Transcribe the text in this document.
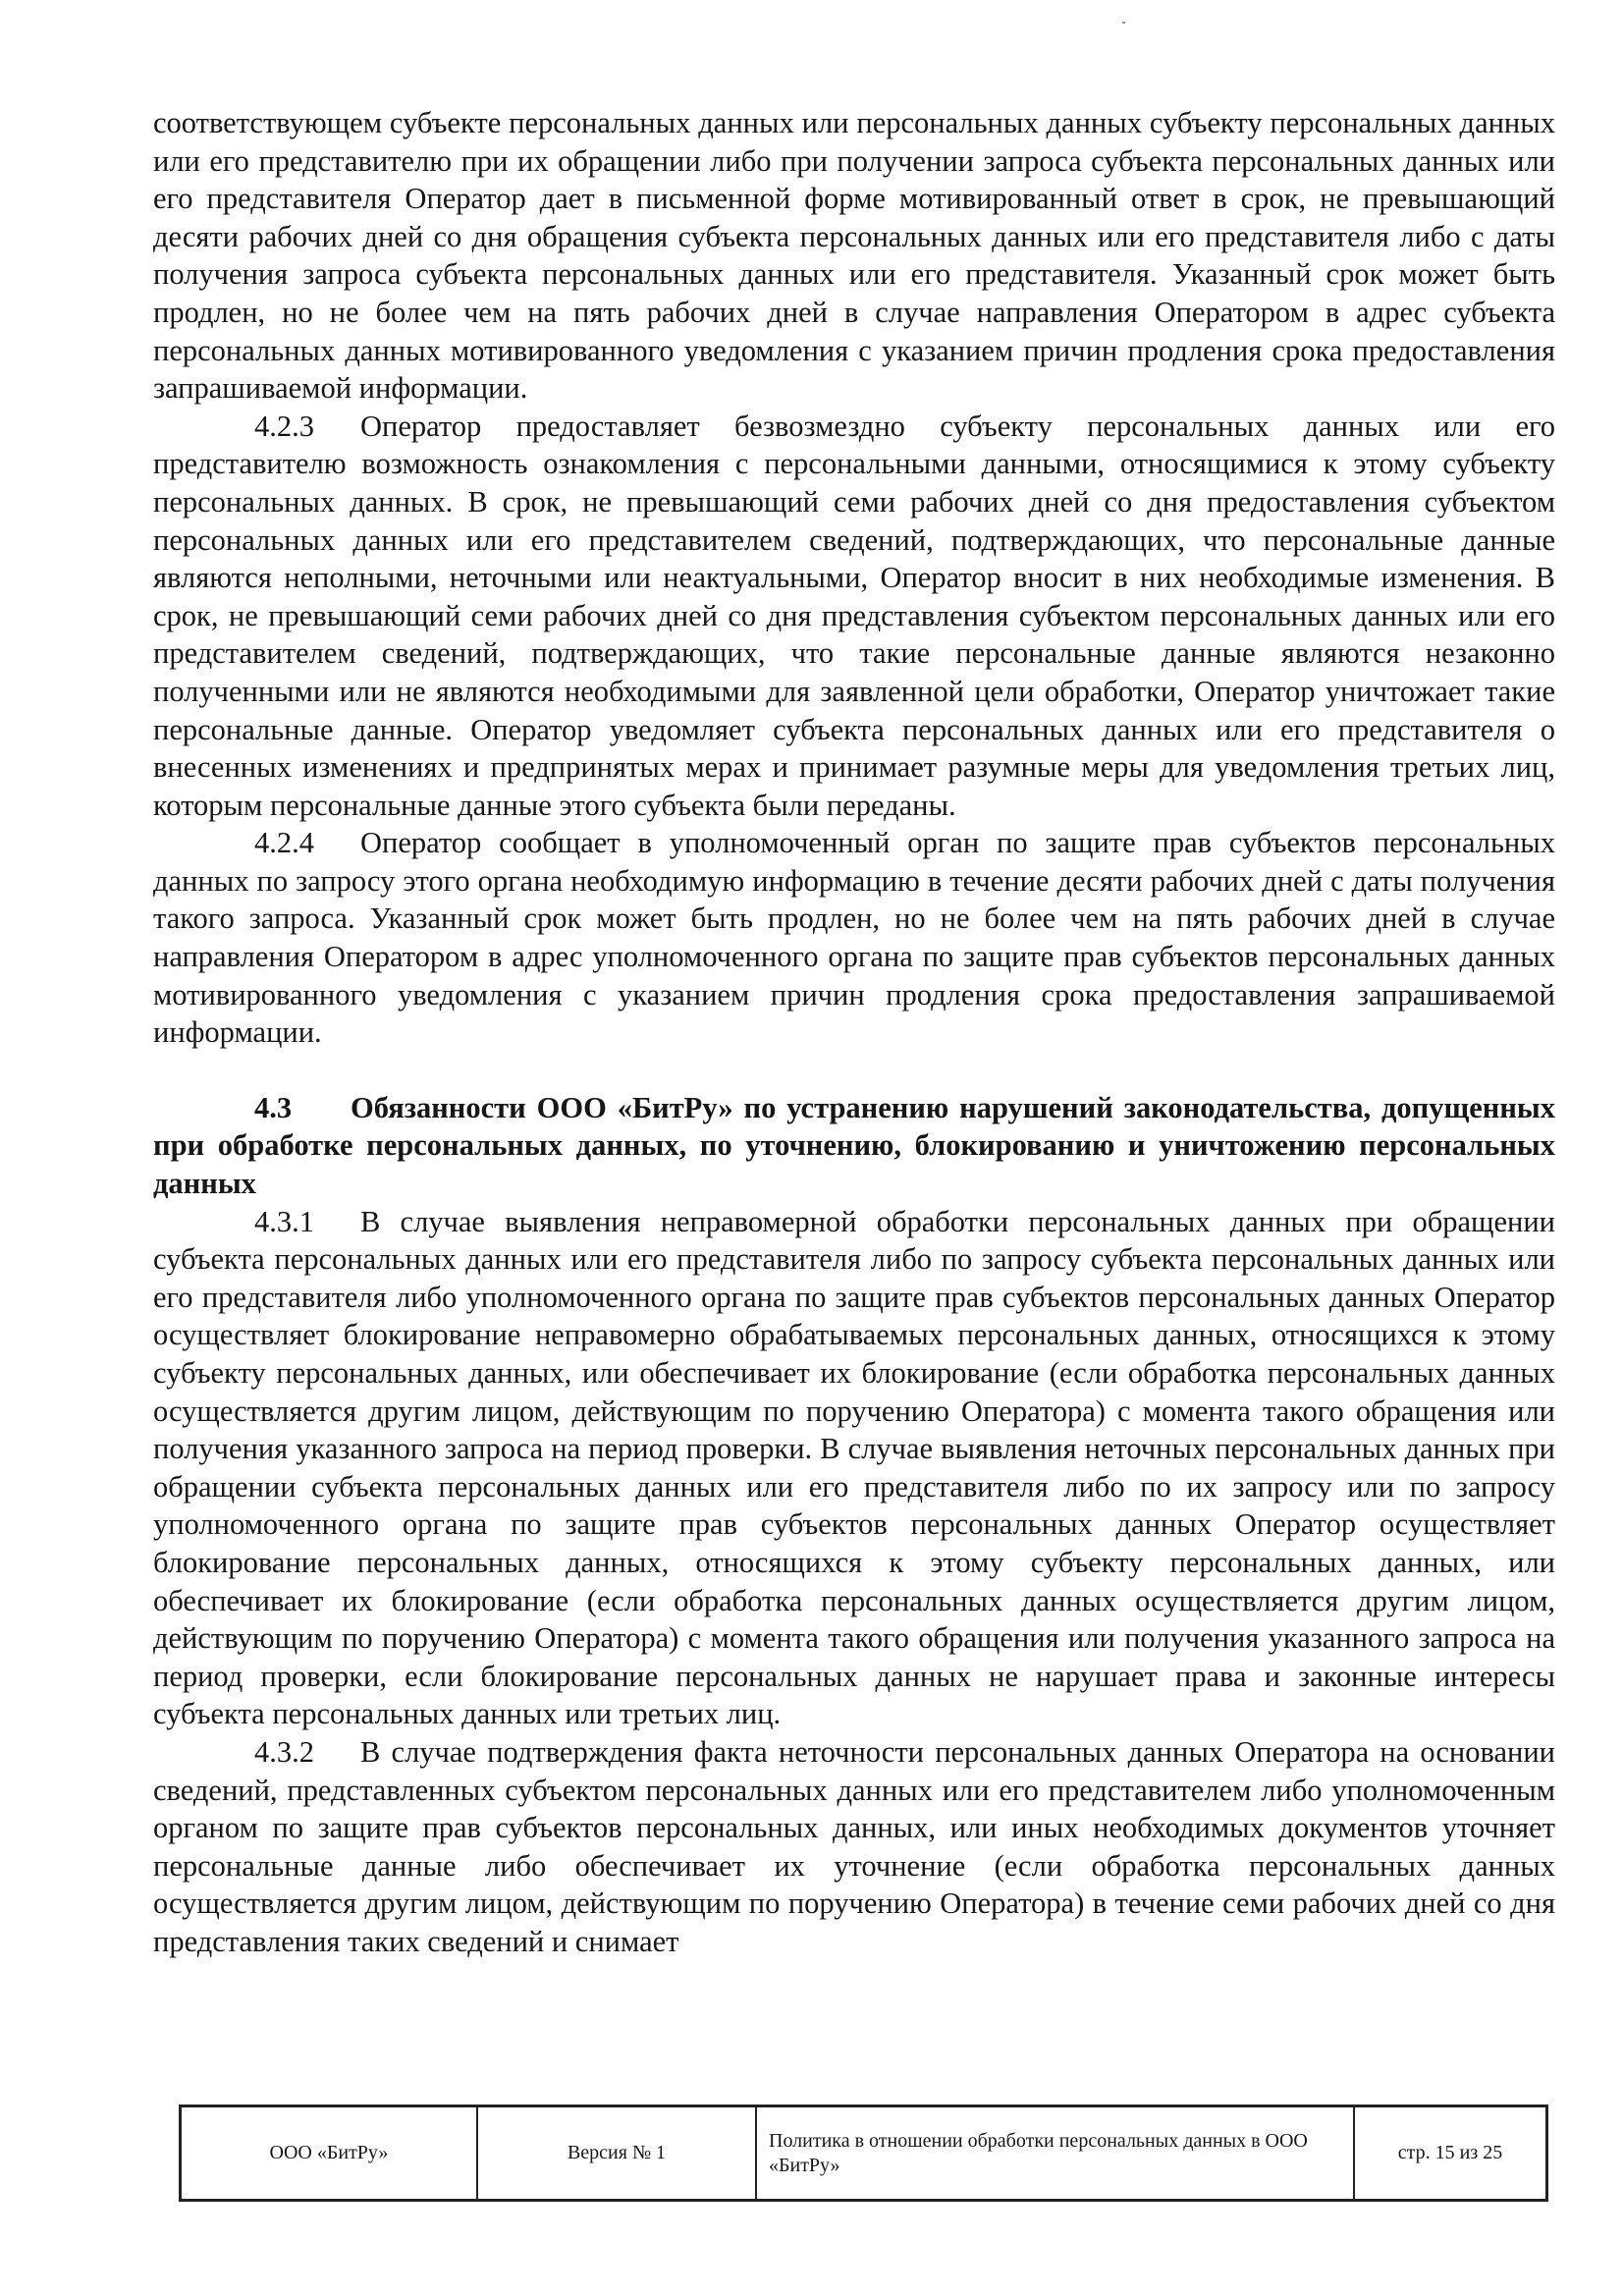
соответствующем субъекте персональных данных или персональных данных субъекту персональных данных или его представителю при их обращении либо при получении запроса субъекта персональных данных или его представителя Оператор дает в письменной форме мотивированный ответ в срок, не превышающий десяти рабочих дней со дня обращения субъекта персональных данных или его представителя либо с даты получения запроса субъекта персональных данных или его представителя. Указанный срок может быть продлен, но не более чем на пять рабочих дней в случае направления Оператором в адрес субъекта персональных данных мотивированного уведомления с указанием причин продления срока предоставления запрашиваемой информации.

4.2.3 Оператор предоставляет безвозмездно субъекту персональных данных или его представителю возможность ознакомления с персональными данными, относящимися к этому субъекту персональных данных. В срок, не превышающий семи рабочих дней со дня предоставления субъектом персональных данных или его представителем сведений, подтверждающих, что персональные данные являются неполными, неточными или неактуальными, Оператор вносит в них необходимые изменения. В срок, не превышающий семи рабочих дней со дня представления субъектом персональных данных или его представителем сведений, подтверждающих, что такие персональные данные являются незаконно полученными или не являются необходимыми для заявленной цели обработки, Оператор уничтожает такие персональные данные. Оператор уведомляет субъекта персональных данных или его представителя о внесенных изменениях и предпринятых мерах и принимает разумные меры для уведомления третьих лиц, которым персональные данные этого субъекта были переданы.

4.2.4 Оператор сообщает в уполномоченный орган по защите прав субъектов персональных данных по запросу этого органа необходимую информацию в течение десяти рабочих дней с даты получения такого запроса. Указанный срок может быть продлен, но не более чем на пять рабочих дней в случае направления Оператором в адрес уполномоченного органа по защите прав субъектов персональных данных мотивированного уведомления с указанием причин продления срока предоставления запрашиваемой информации.

4.3 Обязанности ООО «БитРу» по устранению нарушений законодательства, допущенных при обработке персональных данных, по уточнению, блокированию и уничтожению персональных данных

4.3.1 В случае выявления неправомерной обработки персональных данных при обращении субъекта персональных данных или его представителя либо по запросу субъекта персональных данных или его представителя либо уполномоченного органа по защите прав субъектов персональных данных Оператор осуществляет блокирование неправомерно обрабатываемых персональных данных, относящихся к этому субъекту персональных данных, или обеспечивает их блокирование (если обработка персональных данных осуществляется другим лицом, действующим по поручению Оператора) с момента такого обращения или получения указанного запроса на период проверки. В случае выявления неточных персональных данных при обращении субъекта персональных данных или его представителя либо по их запросу или по запросу уполномоченного органа по защите прав субъектов персональных данных Оператор осуществляет блокирование персональных данных, относящихся к этому субъекту персональных данных, или обеспечивает их блокирование (если обработка персональных данных осуществляется другим лицом, действующим по поручению Оператора) с момента такого обращения или получения указанного запроса на период проверки, если блокирование персональных данных не нарушает права и законные интересы субъекта персональных данных или третьих лиц.

4.3.2 В случае подтверждения факта неточности персональных данных Оператора на основании сведений, представленных субъектом персональных данных или его представителем либо уполномоченным органом по защите прав субъектов персональных данных, или иных необходимых документов уточняет персональные данные либо обеспечивает их уточнение (если обработка персональных данных осуществляется другим лицом, действующим по поручению Оператора) в течение семи рабочих дней со дня представления таких сведений и снимает

ООО «БитРу»	Версия № 1	Политика в отношении обработки персональных данных в ООО «БитРу»	стр. 15 из 25
